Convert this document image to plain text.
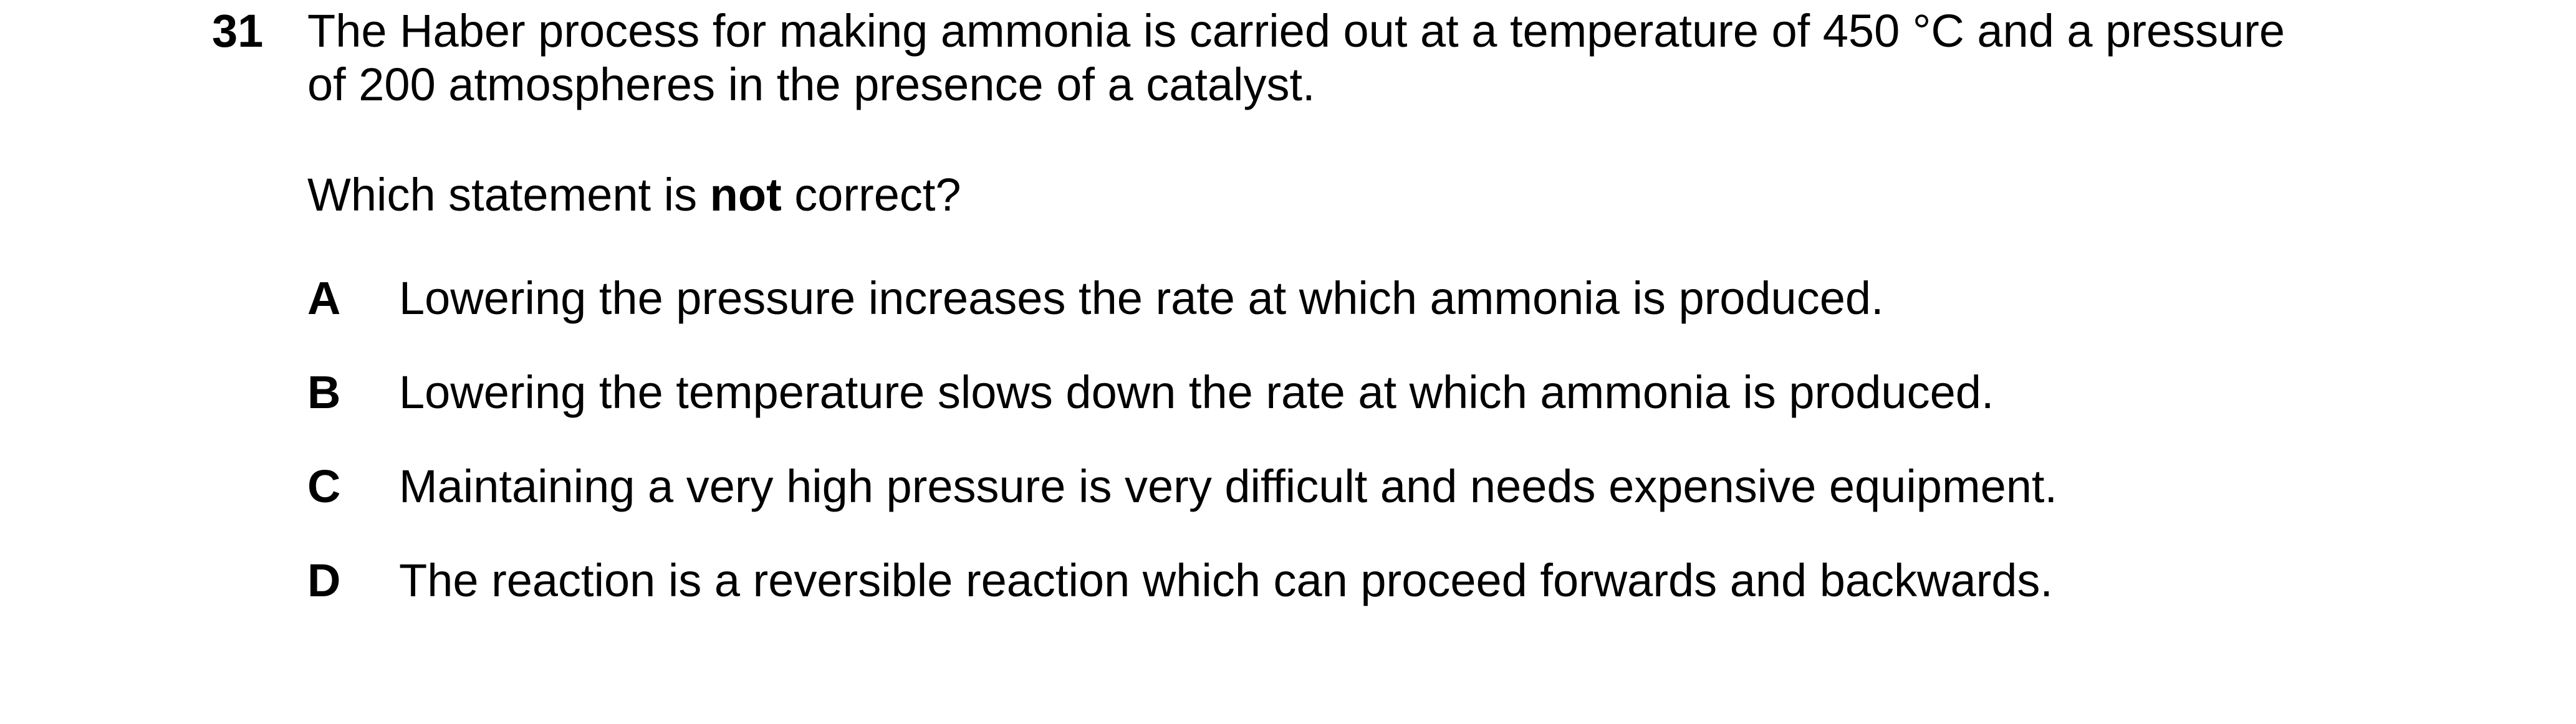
31 The Haber process for making ammonia is carried out at a temperature of 450 °C and a pressure
of 200 atmospheres in the presence of a catalyst.
Which statement is not correct?
A Lowering the pressure increases the rate at which ammonia is produced.
B Lowering the temperature slows down the rate at which ammonia is produced.
C Maintaining a very high pressure is very difficult and needs expensive equipment.
D The reaction is a reversible reaction which can proceed forwards and backwards.
